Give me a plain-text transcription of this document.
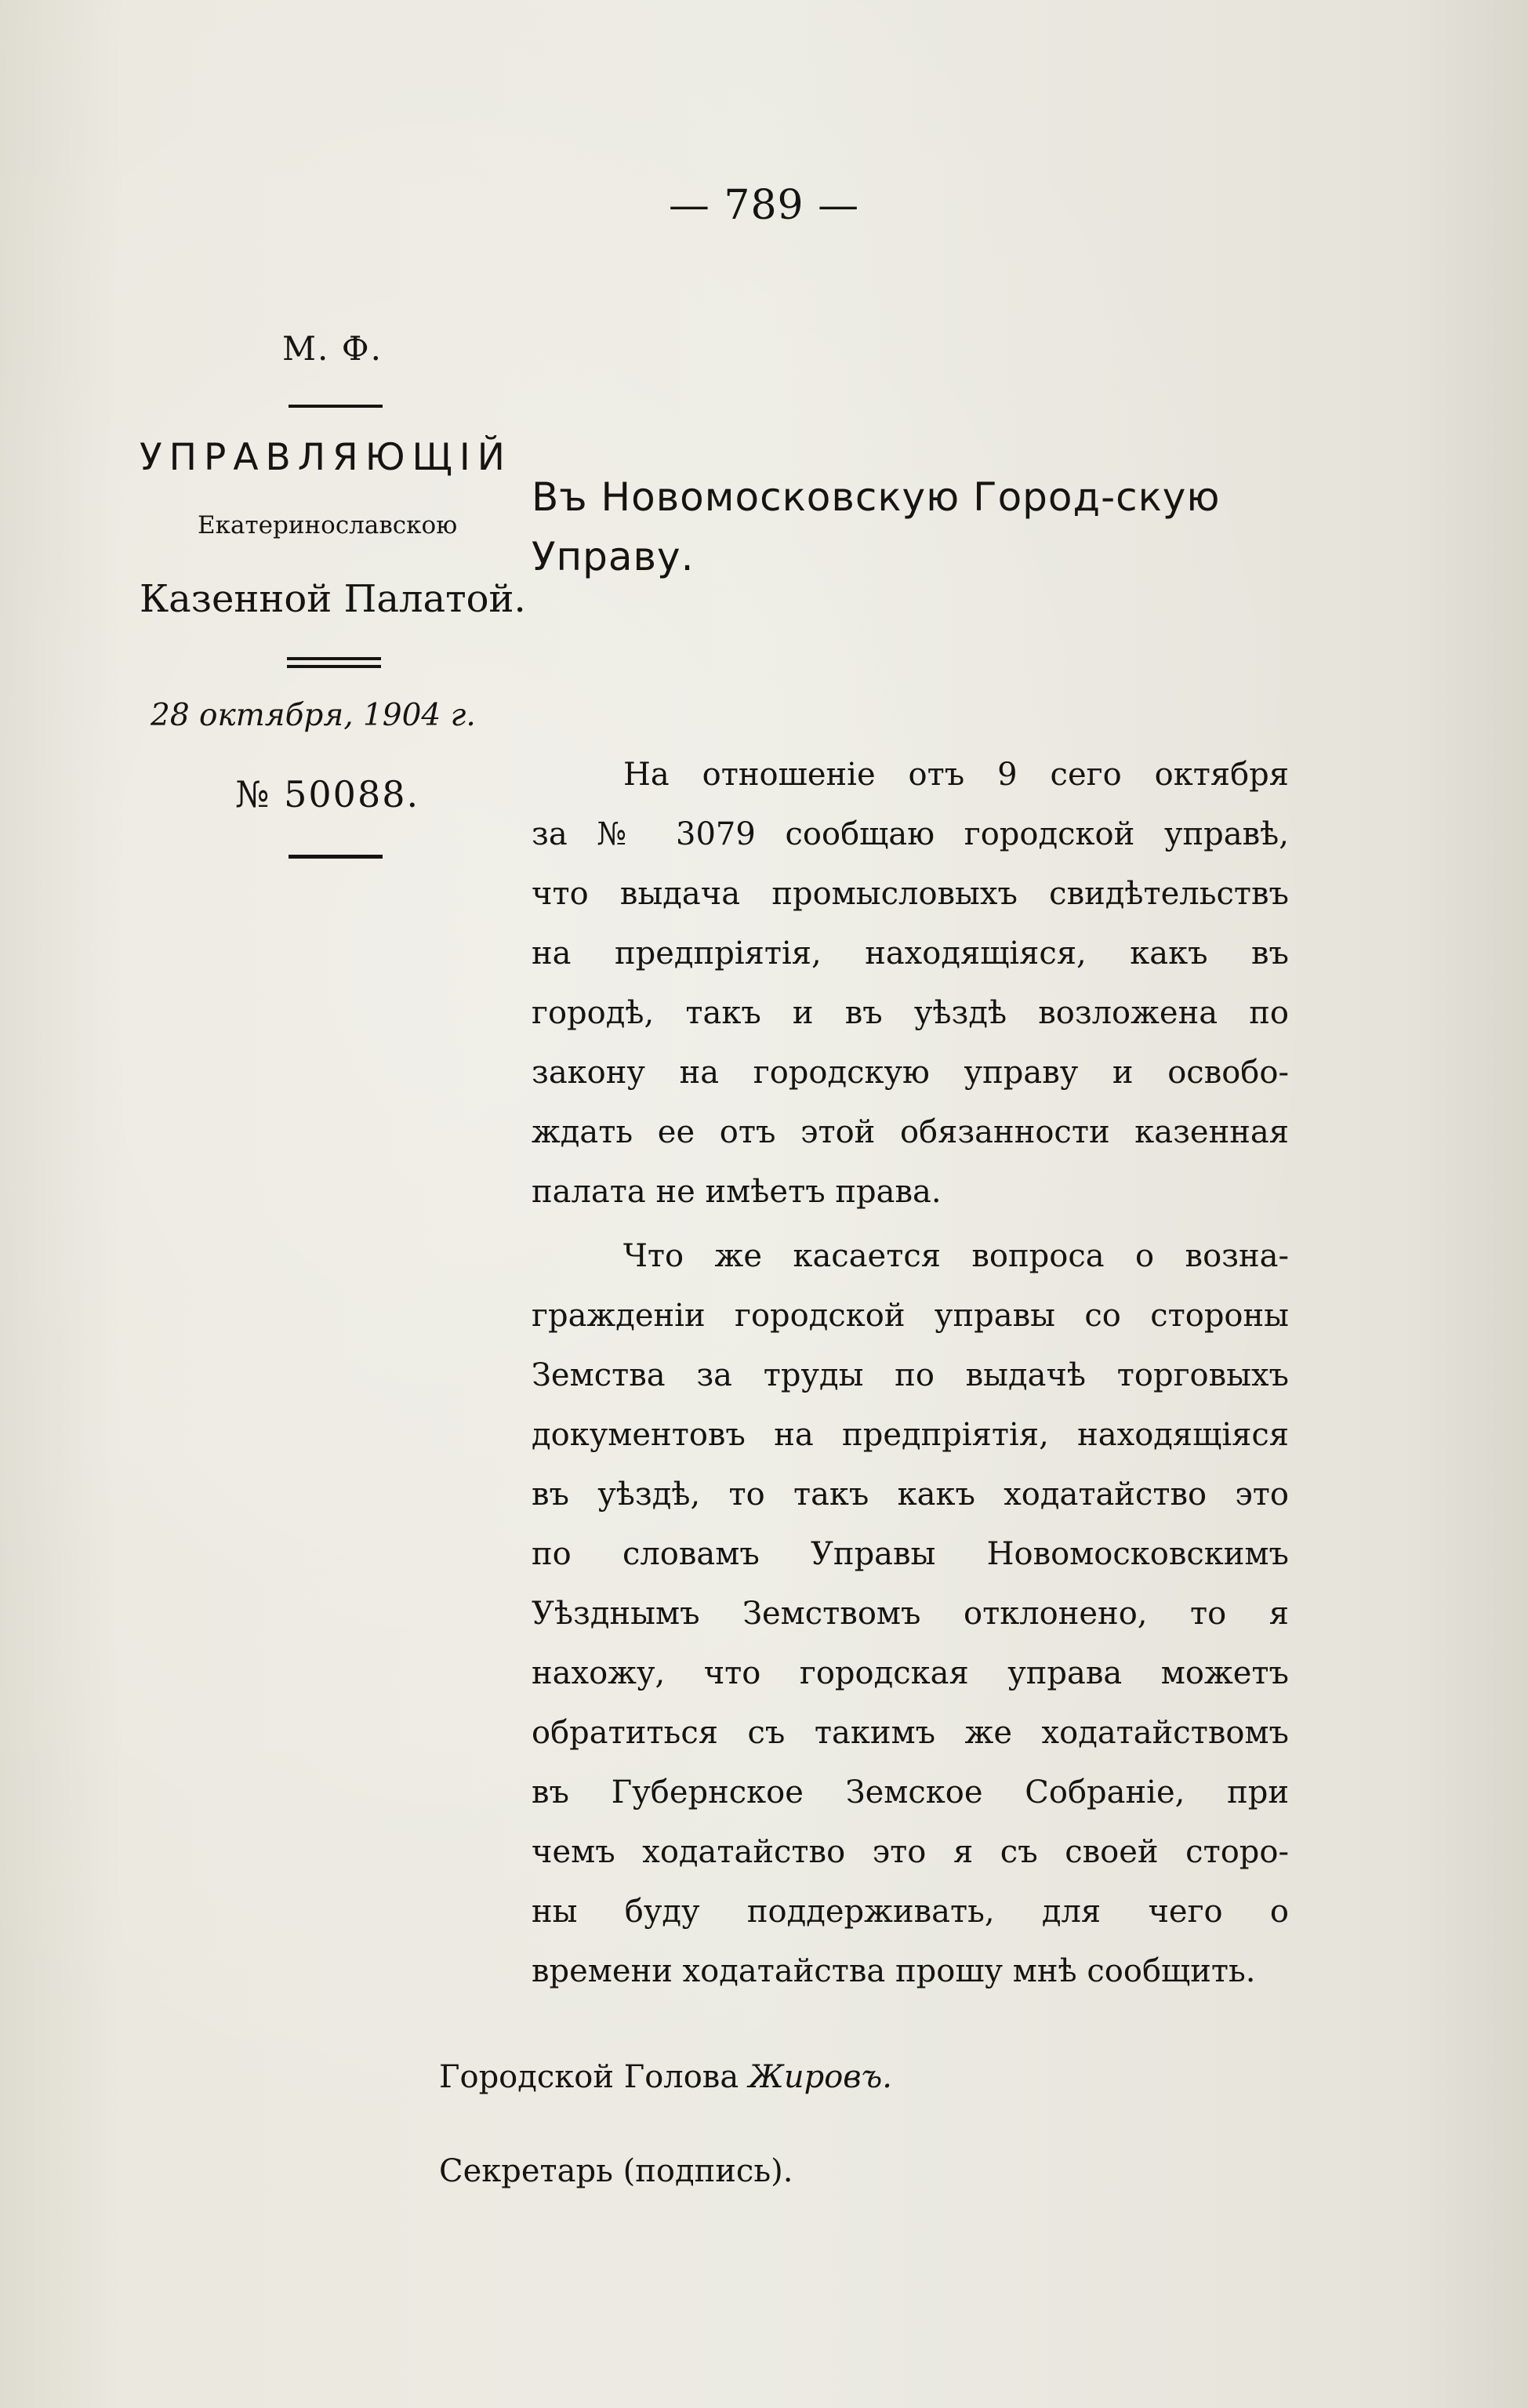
— 789 —
М. Ф.
УПРАВЛЯЮЩІЙ
Екатеринославскою
Казенной Палатой.
28 октября, 1904 г.
№ 50088.
Въ Новомосковскую Город-скую Управу.
На отношеніе отъ 9 сего октября
за № 3079 сообщаю городской управѣ,
что выдача промысловыхъ свидѣтельствъ
на предпріятія, находящіяся, какъ въ
городѣ, такъ и въ уѣздѣ возложена по
закону на городскую управу и освобо-
ждать ее отъ этой обязанности казенная
палата не имѣетъ права.
Что же касается вопроса о возна-
гражденіи городской управы со стороны
Земства за труды по выдачѣ торговыхъ
документовъ на предпріятія, находящіяся
въ уѣздѣ, то такъ какъ ходатайство это
по словамъ Управы Новомосковскимъ
Уѣзднымъ Земствомъ отклонено, то я
нахожу, что городская управа можетъ
обратиться съ такимъ же ходатайствомъ
въ Губернское Земское Собраніе, при
чемъ ходатайство это я съ своей сторо-
ны буду поддерживать, для чего о
времени ходатайства прошу мнѣ сообщить.
Городской Голова Жировъ.
Секретарь (подпись).
